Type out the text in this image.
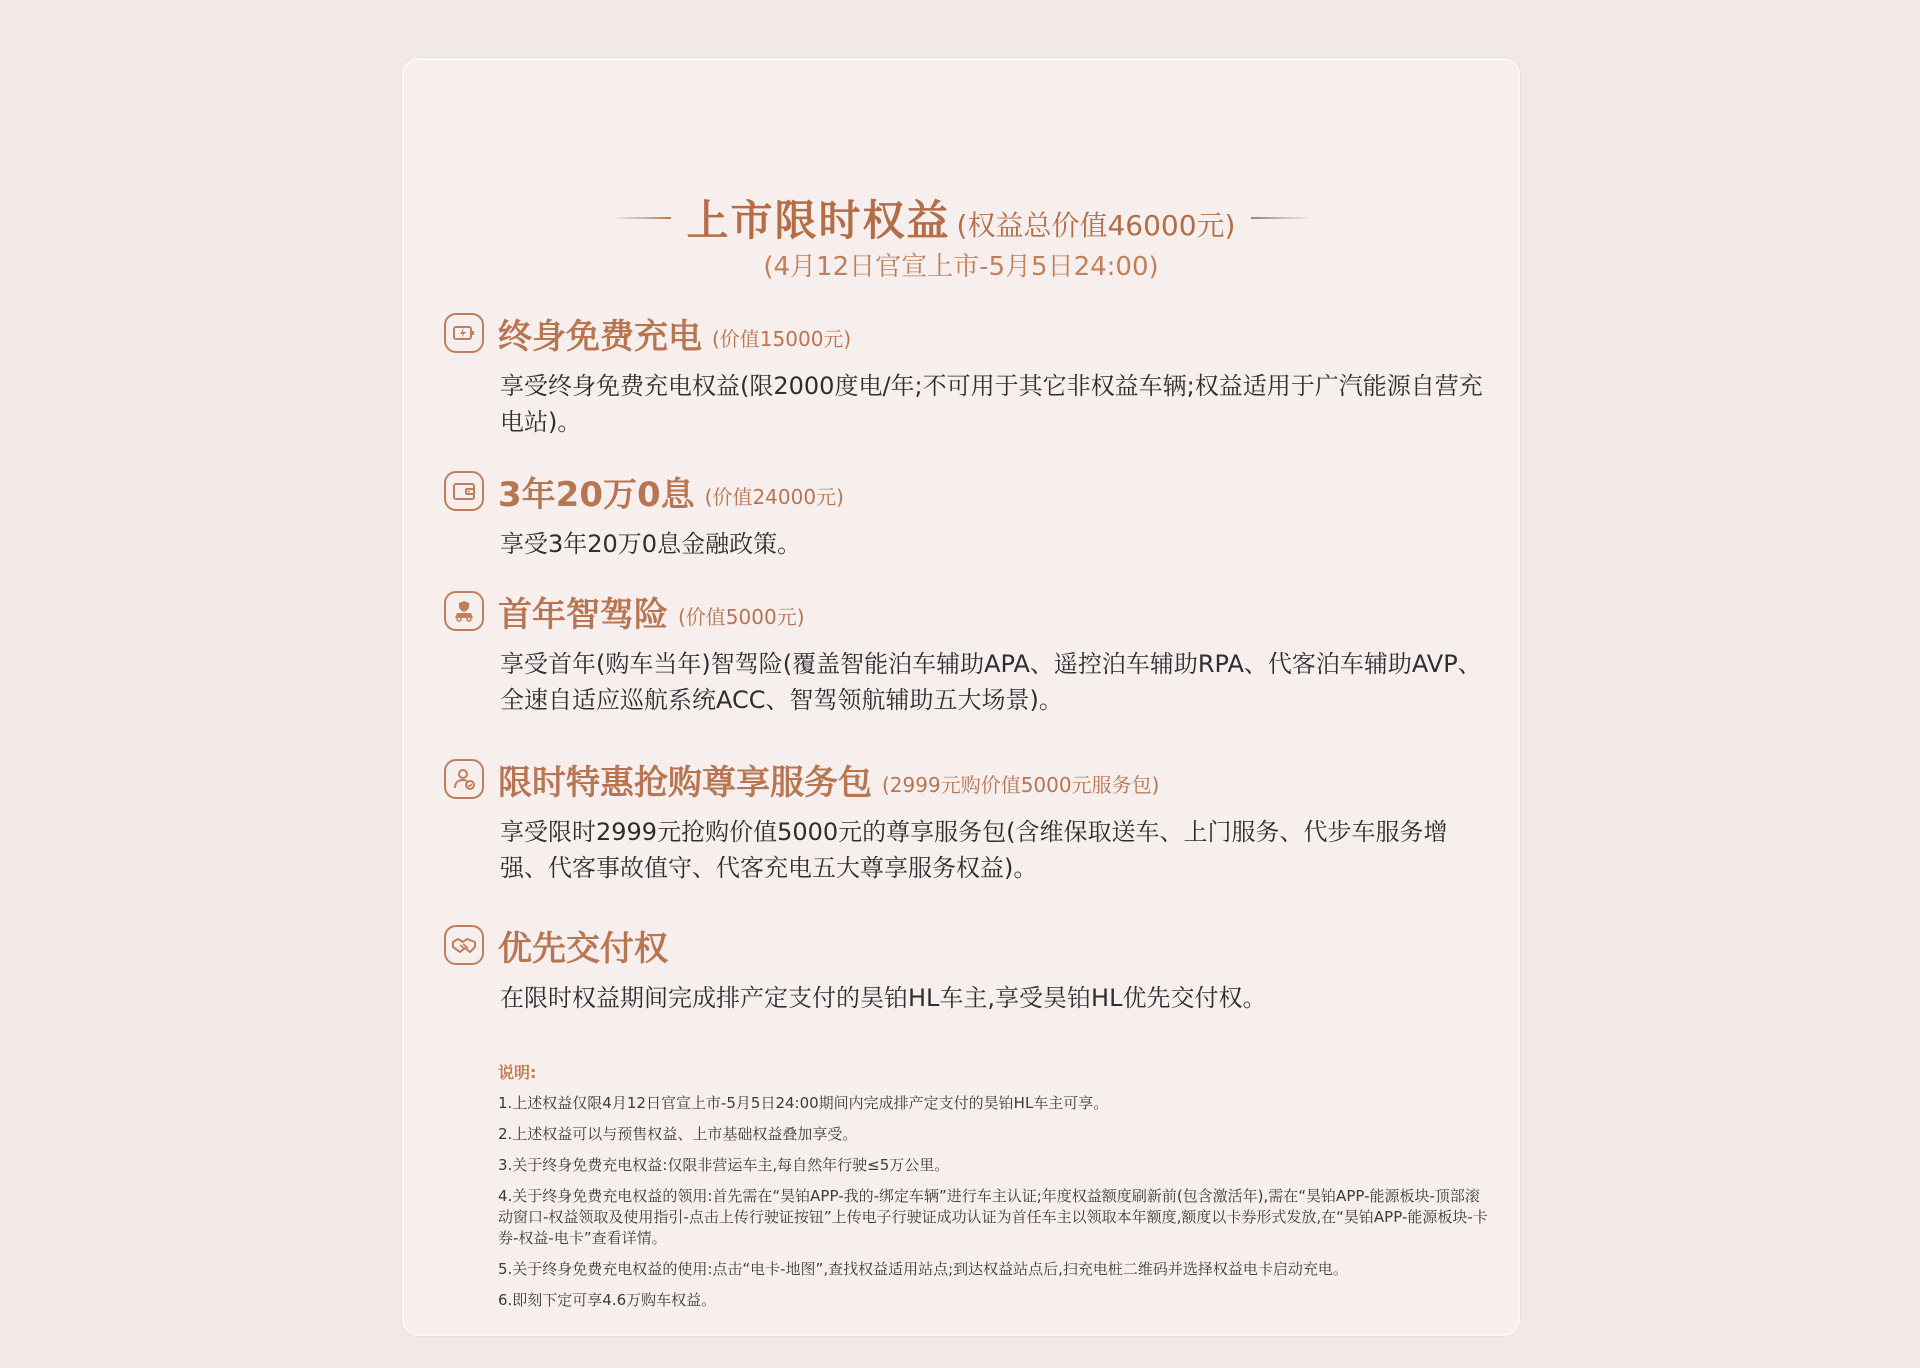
上市限时权益 (权益总价值46000元)
(4月12日官宣上市-5月5日24:00)
终身免费充电 (价值15000元)
享受终身免费充电权益(限2000度电/年;不可用于其它非权益车辆;权益适用于广汽能源自营充电站)。
3年20万0息 (价值24000元)
享受3年20万0息金融政策。
首年智驾险 (价值5000元)
享受首年(购车当年)智驾险(覆盖智能泊车辅助APA、遥控泊车辅助RPA、代客泊车辅助AVP、全速自适应巡航系统ACC、智驾领航辅助五大场景)。
限时特惠抢购尊享服务包 (2999元购价值5000元服务包)
享受限时2999元抢购价值5000元的尊享服务包(含维保取送车、上门服务、代步车服务增强、代客事故值守、代客充电五大尊享服务权益)。
优先交付权
在限时权益期间完成排产定支付的昊铂HL车主,享受昊铂HL优先交付权。
说明:
1.上述权益仅限4月12日官宣上市-5月5日24:00期间内完成排产定支付的昊铂HL车主可享。
2.上述权益可以与预售权益、上市基础权益叠加享受。
3.关于终身免费充电权益:仅限非营运车主,每自然年行驶≤5万公里。
4.关于终身免费充电权益的领用:首先需在“昊铂APP-我的-绑定车辆”进行车主认证;年度权益额度刷新前(包含激活年),需在“昊铂APP-能源板块-顶部滚动窗口-权益领取及使用指引-点击上传行驶证按钮”上传电子行驶证成功认证为首任车主以领取本年额度,额度以卡券形式发放,在“昊铂APP-能源板块-卡券-权益-电卡”查看详情。
5.关于终身免费充电权益的使用:点击“电卡-地图”,查找权益适用站点;到达权益站点后,扫充电桩二维码并选择权益电卡启动充电。
6.即刻下定可享4.6万购车权益。
